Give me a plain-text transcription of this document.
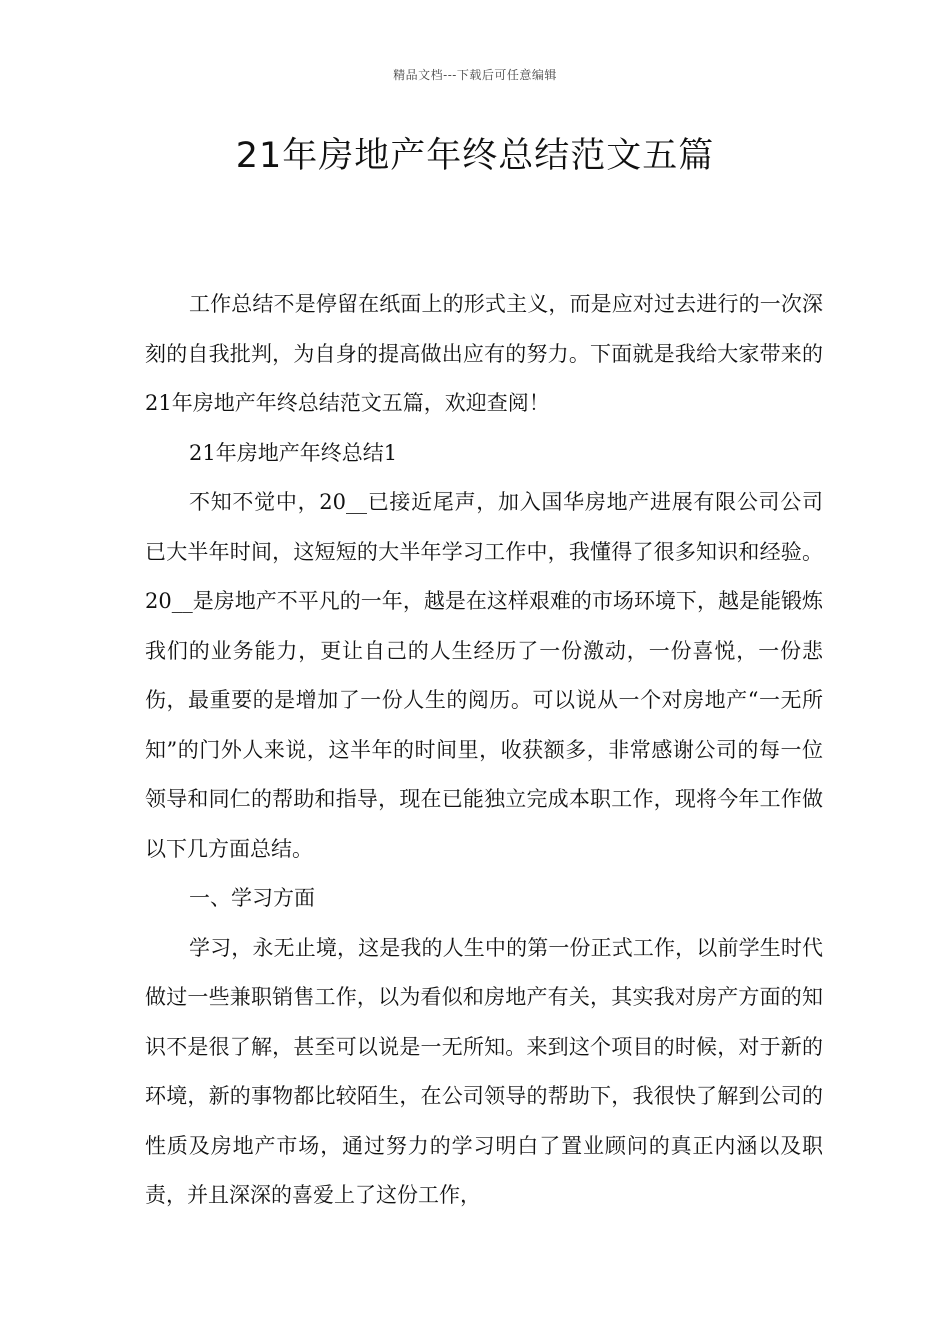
精品文档---下载后可任意编辑
21年房地产年终总结范文五篇

工作总结不是停留在纸面上的形式主义，而是应对过去进行的一次深刻的自我批判，为自身的提高做出应有的努力。下面就是我给大家带来的21年房地产年终总结范文五篇，欢迎查阅！

21年房地产年终总结1

不知不觉中，20__已接近尾声，加入国华房地产进展有限公司公司已大半年时间，这短短的大半年学习工作中，我懂得了很多知识和经验。20__是房地产不平凡的一年，越是在这样艰难的市场环境下，越是能锻炼我们的业务能力，更让自己的人生经历了一份激动，一份喜悦，一份悲伤，最重要的是增加了一份人生的阅历。可以说从一个对房地产“一无所知”的门外人来说，这半年的时间里，收获额多，非常感谢公司的每一位领导和同仁的帮助和指导，现在已能独立完成本职工作，现将今年工作做以下几方面总结。

一、学习方面

学习，永无止境，这是我的人生中的第一份正式工作，以前学生时代做过一些兼职销售工作，以为看似和房地产有关，其实我对房产方面的知识不是很了解，甚至可以说是一无所知。来到这个项目的时候，对于新的环境，新的事物都比较陌生，在公司领导的帮助下，我很快了解到公司的性质及房地产市场，通过努力的学习明白了置业顾问的真正内涵以及职责，并且深深的喜爱上了这份工作，
